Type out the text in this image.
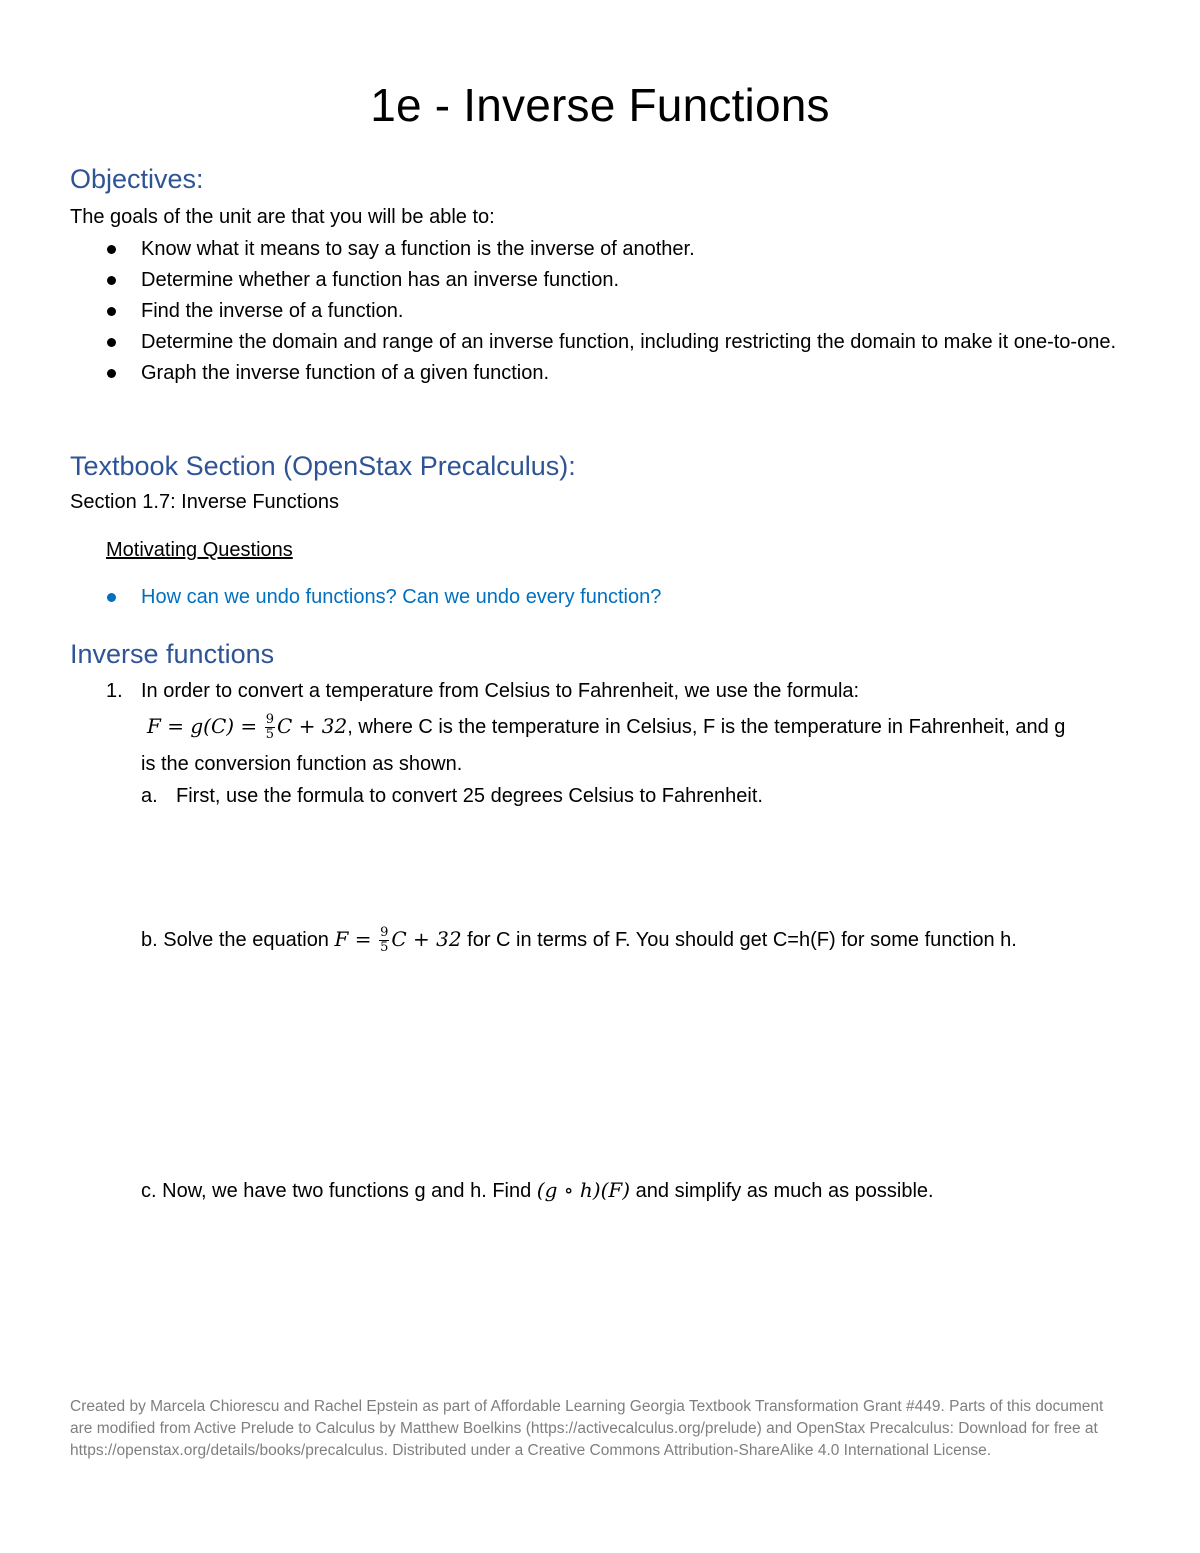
1e - Inverse Functions
Objectives:
The goals of the unit are that you will be able to:
Know what it means to say a function is the inverse of another.
Determine whether a function has an inverse function.
Find the inverse of a function.
Determine the domain and range of an inverse function, including restricting the domain to make it one-to-one.
Graph the inverse function of a given function.
Textbook Section (OpenStax Precalculus):
Section 1.7: Inverse Functions
Motivating Questions
How can we undo functions? Can we undo every function?
Inverse functions
1. In order to convert a temperature from Celsius to Fahrenheit, we use the formula:
$F = g(C) = \frac{9}{5}$ C + 32, where C is the temperature in Celsius, F is the temperature in Fahrenheit, and g
is the conversion function as shown.
a. First, use the formula to convert 25 degrees Celsius to Fahrenheit.
b. Solve the equation $F = \frac{9}{5}$ C + 32 for C in terms of F. You should get C=h(F) for some function h.
c. Now, we have two functions g and h. Find (g ∘ h)(F) and simplify as much as possible.
Created by Marcela Chiorescu and Rachel Epstein as part of Affordable Learning Georgia Textbook Transformation Grant #449. Parts of this document are modified from Active Prelude to Calculus by Matthew Boelkins (https://activecalculus.org/prelude) and OpenStax Precalculus: Download for free at https://openstax.org/details/books/precalculus. Distributed under a Creative Commons Attribution-ShareAlike 4.0 International License.
